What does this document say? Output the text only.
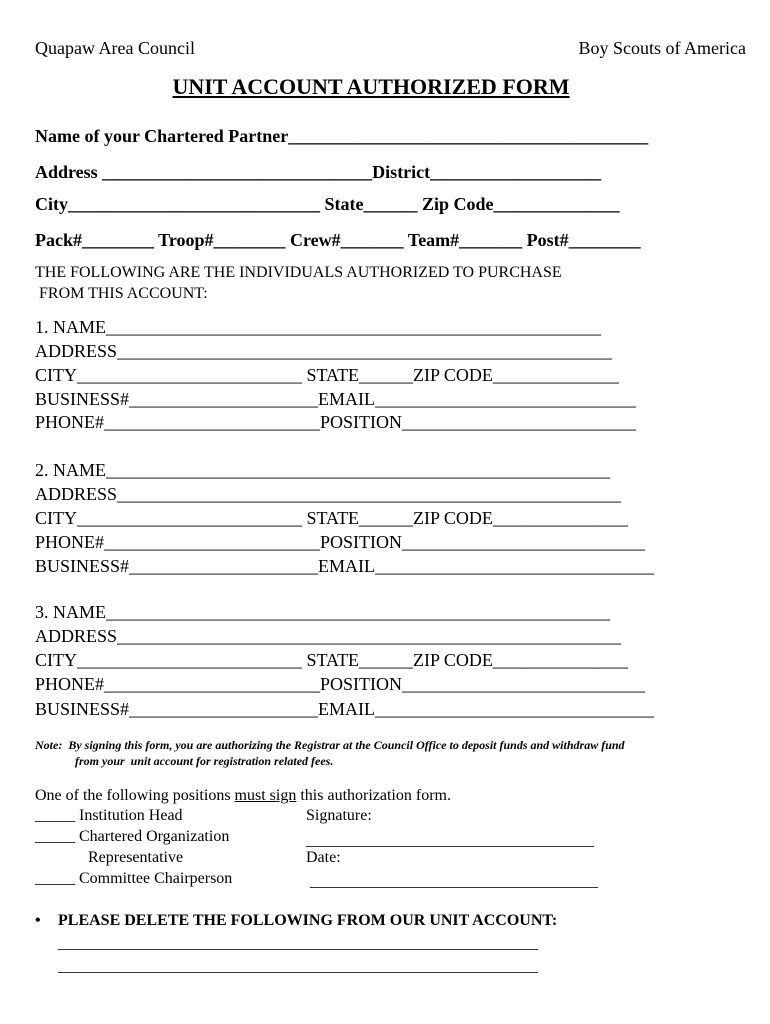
Quapaw Area Council	Boy Scouts of America
UNIT ACCOUNT AUTHORIZED FORM
Name of your Chartered Partner________________________________________
Address ______________________________District___________________
City____________________________ State______ Zip Code______________
Pack#________ Troop#________ Crew#_______ Team#_______ Post#________
THE FOLLOWING ARE THE INDIVIDUALS AUTHORIZED TO PURCHASE
FROM THIS ACCOUNT:
1. NAME_______________________________________________________
ADDRESS_______________________________________________________
CITY_________________________ STATE______ZIP CODE______________
BUSINESS#_____________________EMAIL_____________________________
PHONE#________________________POSITION__________________________
2. NAME________________________________________________________
ADDRESS________________________________________________________
CITY_________________________ STATE______ZIP CODE_______________
PHONE#________________________POSITION___________________________
BUSINESS#_____________________EMAIL_______________________________
3. NAME________________________________________________________
ADDRESS________________________________________________________
CITY_________________________ STATE______ZIP CODE_______________
PHONE#________________________POSITION___________________________
BUSINESS#_____________________EMAIL_______________________________
Note:  By signing this form, you are authorizing the Registrar at the Council Office to deposit funds and withdraw fund
from your  unit account for registration related fees.
One of the following positions must sign this authorization form.
_____ Institution Head
_____ Chartered Organization
Representative
_____ Committee Chairperson
Signature:
____________________________________
Date:
____________________________________
• PLEASE DELETE THE FOLLOWING FROM OUR UNIT ACCOUNT:
____________________________________________________________
____________________________________________________________
